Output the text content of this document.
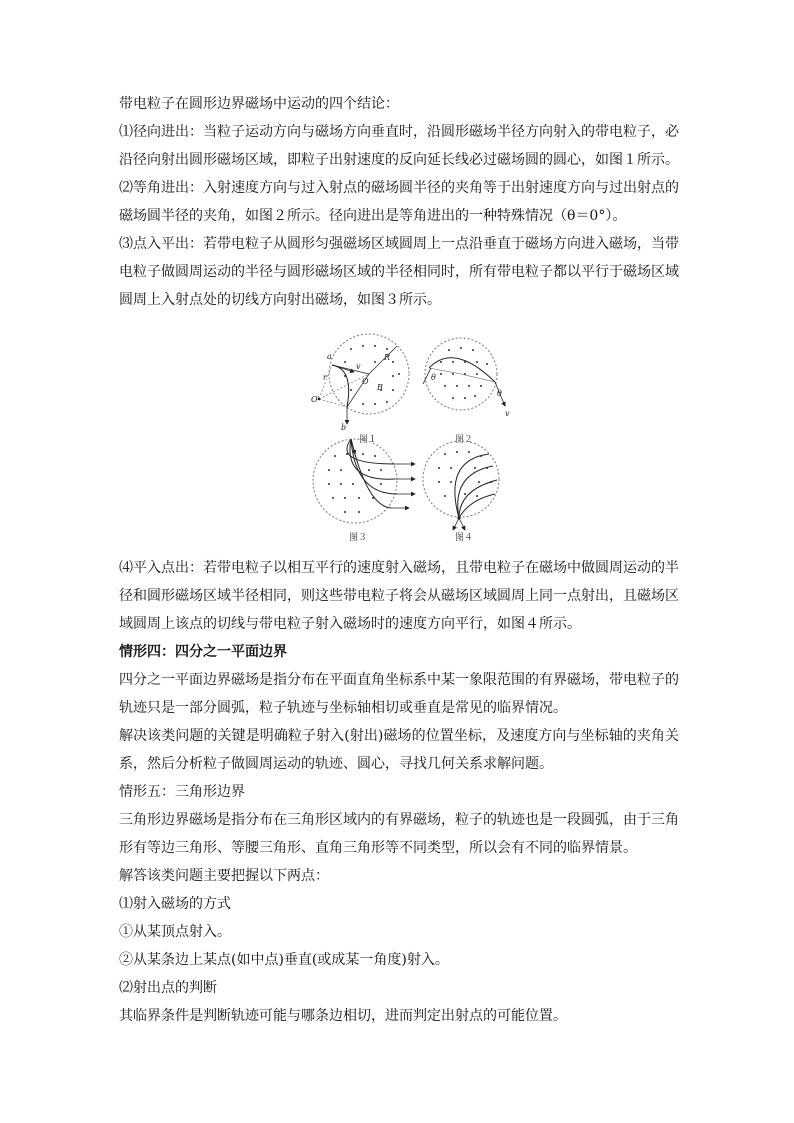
带电粒子在圆形边界磁场中运动的四个结论：

⑴径向进出：当粒子运动方向与磁场方向垂直时，沿圆形磁场半径方向射入的带电粒子，必沿径向射出圆形磁场区域，即粒子出射速度的反向延长线必过磁场圆的圆心，如图１所示。

⑵等角进出：入射速度方向与过入射点的磁场圆半径的夹角等于出射速度方向与过出射点的磁场圆半径的夹角，如图２所示。径向进出是等角进出的一种特殊情况（θ＝0°）。

⑶点入平出：若带电粒子从圆形匀强磁场区域圆周上一点沿垂直于磁场方向进入磁场，当带电粒子做圆周运动的半径与圆形磁场区域的半径相同时，所有带电粒子都以平行于磁场区域圆周上入射点处的切线方向射出磁场，如图３所示。

a
r
v
R
O
O′
B
b
图１
θ
θ
v
图２
图３	图４

⑷平入点出：若带电粒子以相互平行的速度射入磁场，且带电粒子在磁场中做圆周运动的半径和圆形磁场区域半径相同，则这些带电粒子将会从磁场区域圆周上同一点射出，且磁场区域圆周上该点的切线与带电粒子射入磁场时的速度方向平行，如图４所示。

情形四：四分之一平面边界

四分之一平面边界磁场是指分布在平面直角坐标系中某一象限范围的有界磁场，带电粒子的轨迹只是一部分圆弧，粒子轨迹与坐标轴相切或垂直是常见的临界情况。

解决该类问题的关键是明确粒子射入(射出)磁场的位置坐标，及速度方向与坐标轴的夹角关系，然后分析粒子做圆周运动的轨迹、圆心，寻找几何关系求解问题。

情形五：三角形边界

三角形边界磁场是指分布在三角形区域内的有界磁场，粒子的轨迹也是一段圆弧，由于三角形有等边三角形、等腰三角形、直角三角形等不同类型，所以会有不同的临界情景。

解答该类问题主要把握以下两点：

⑴射入磁场的方式

①从某顶点射入。

②从某条边上某点(如中点)垂直(或成某一角度)射入。

⑵射出点的判断

其临界条件是判断轨迹可能与哪条边相切，进而判定出射点的可能位置。
